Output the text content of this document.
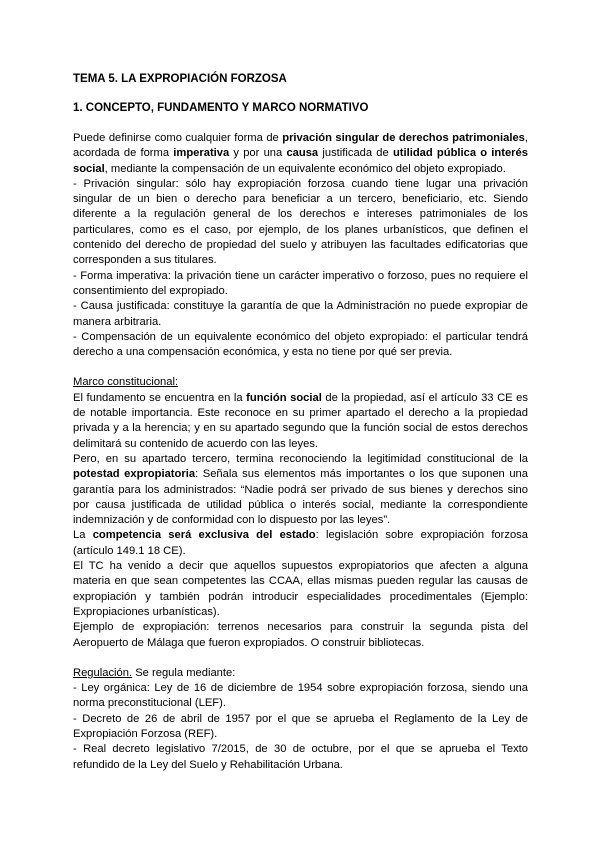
TEMA 5. LA EXPROPIACIÓN FORZOSA
1. CONCEPTO, FUNDAMENTO Y MARCO NORMATIVO

Puede definirse como cualquier forma de privación singular de derechos patrimoniales, acordada de forma imperativa y por una causa justificada de utilidad pública o interés social, mediante la compensación de un equivalente económico del objeto expropiado.

- Privación singular: sólo hay expropiación forzosa cuando tiene lugar una privación singular de un bien o derecho para beneficiar a un tercero, beneficiario, etc. Siendo diferente a la regulación general de los derechos e intereses patrimoniales de los particulares, como es el caso, por ejemplo, de los planes urbanísticos, que definen el contenido del derecho de propiedad del suelo y atribuyen las facultades edificatorias que corresponden a sus titulares.

- Forma imperativa: la privación tiene un carácter imperativo o forzoso, pues no requiere el consentimiento del expropiado.

- Causa justificada: constituye la garantía de que la Administración no puede expropiar de manera arbitraria.

- Compensación de un equivalente económico del objeto expropiado: el particular tendrá derecho a una compensación económica, y esta no tiene por qué ser previa.

Marco constitucional:

El fundamento se encuentra en la función social de la propiedad, así el artículo 33 CE es de notable importancia. Este reconoce en su primer apartado el derecho a la propiedad privada y a la herencia; y en su apartado segundo que la función social de estos derechos delimitará su contenido de acuerdo con las leyes.

Pero, en su apartado tercero, termina reconociendo la legitimidad constitucional de la potestad expropiatoria: Señala sus elementos más importantes o los que suponen una garantía para los administrados: “Nadie podrá ser privado de sus bienes y derechos sino por causa justificada de utilidad pública o interés social, mediante la correspondiente indemnización y de conformidad con lo dispuesto por las leyes”.

La competencia será exclusiva del estado: legislación sobre expropiación forzosa (artículo 149.1 18 CE).

El TC ha venido a decir que aquellos supuestos expropiatorios que afecten a alguna materia en que sean competentes las CCAA, ellas mismas pueden regular las causas de expropiación y también podrán introducir especialidades procedimentales (Ejemplo: Expropiaciones urbanísticas).

Ejemplo de expropiación: terrenos necesarios para construir la segunda pista del Aeropuerto de Málaga que fueron expropiados. O construir bibliotecas.

Regulación. Se regula mediante:

- Ley orgánica: Ley de 16 de diciembre de 1954 sobre expropiación forzosa, siendo una norma preconstitucional (LEF).

- Decreto de 26 de abril de 1957 por el que se aprueba el Reglamento de la Ley de Expropiación Forzosa (REF).

- Real decreto legislativo 7/2015, de 30 de octubre, por el que se aprueba el Texto refundido de la Ley del Suelo y Rehabilitación Urbana.
